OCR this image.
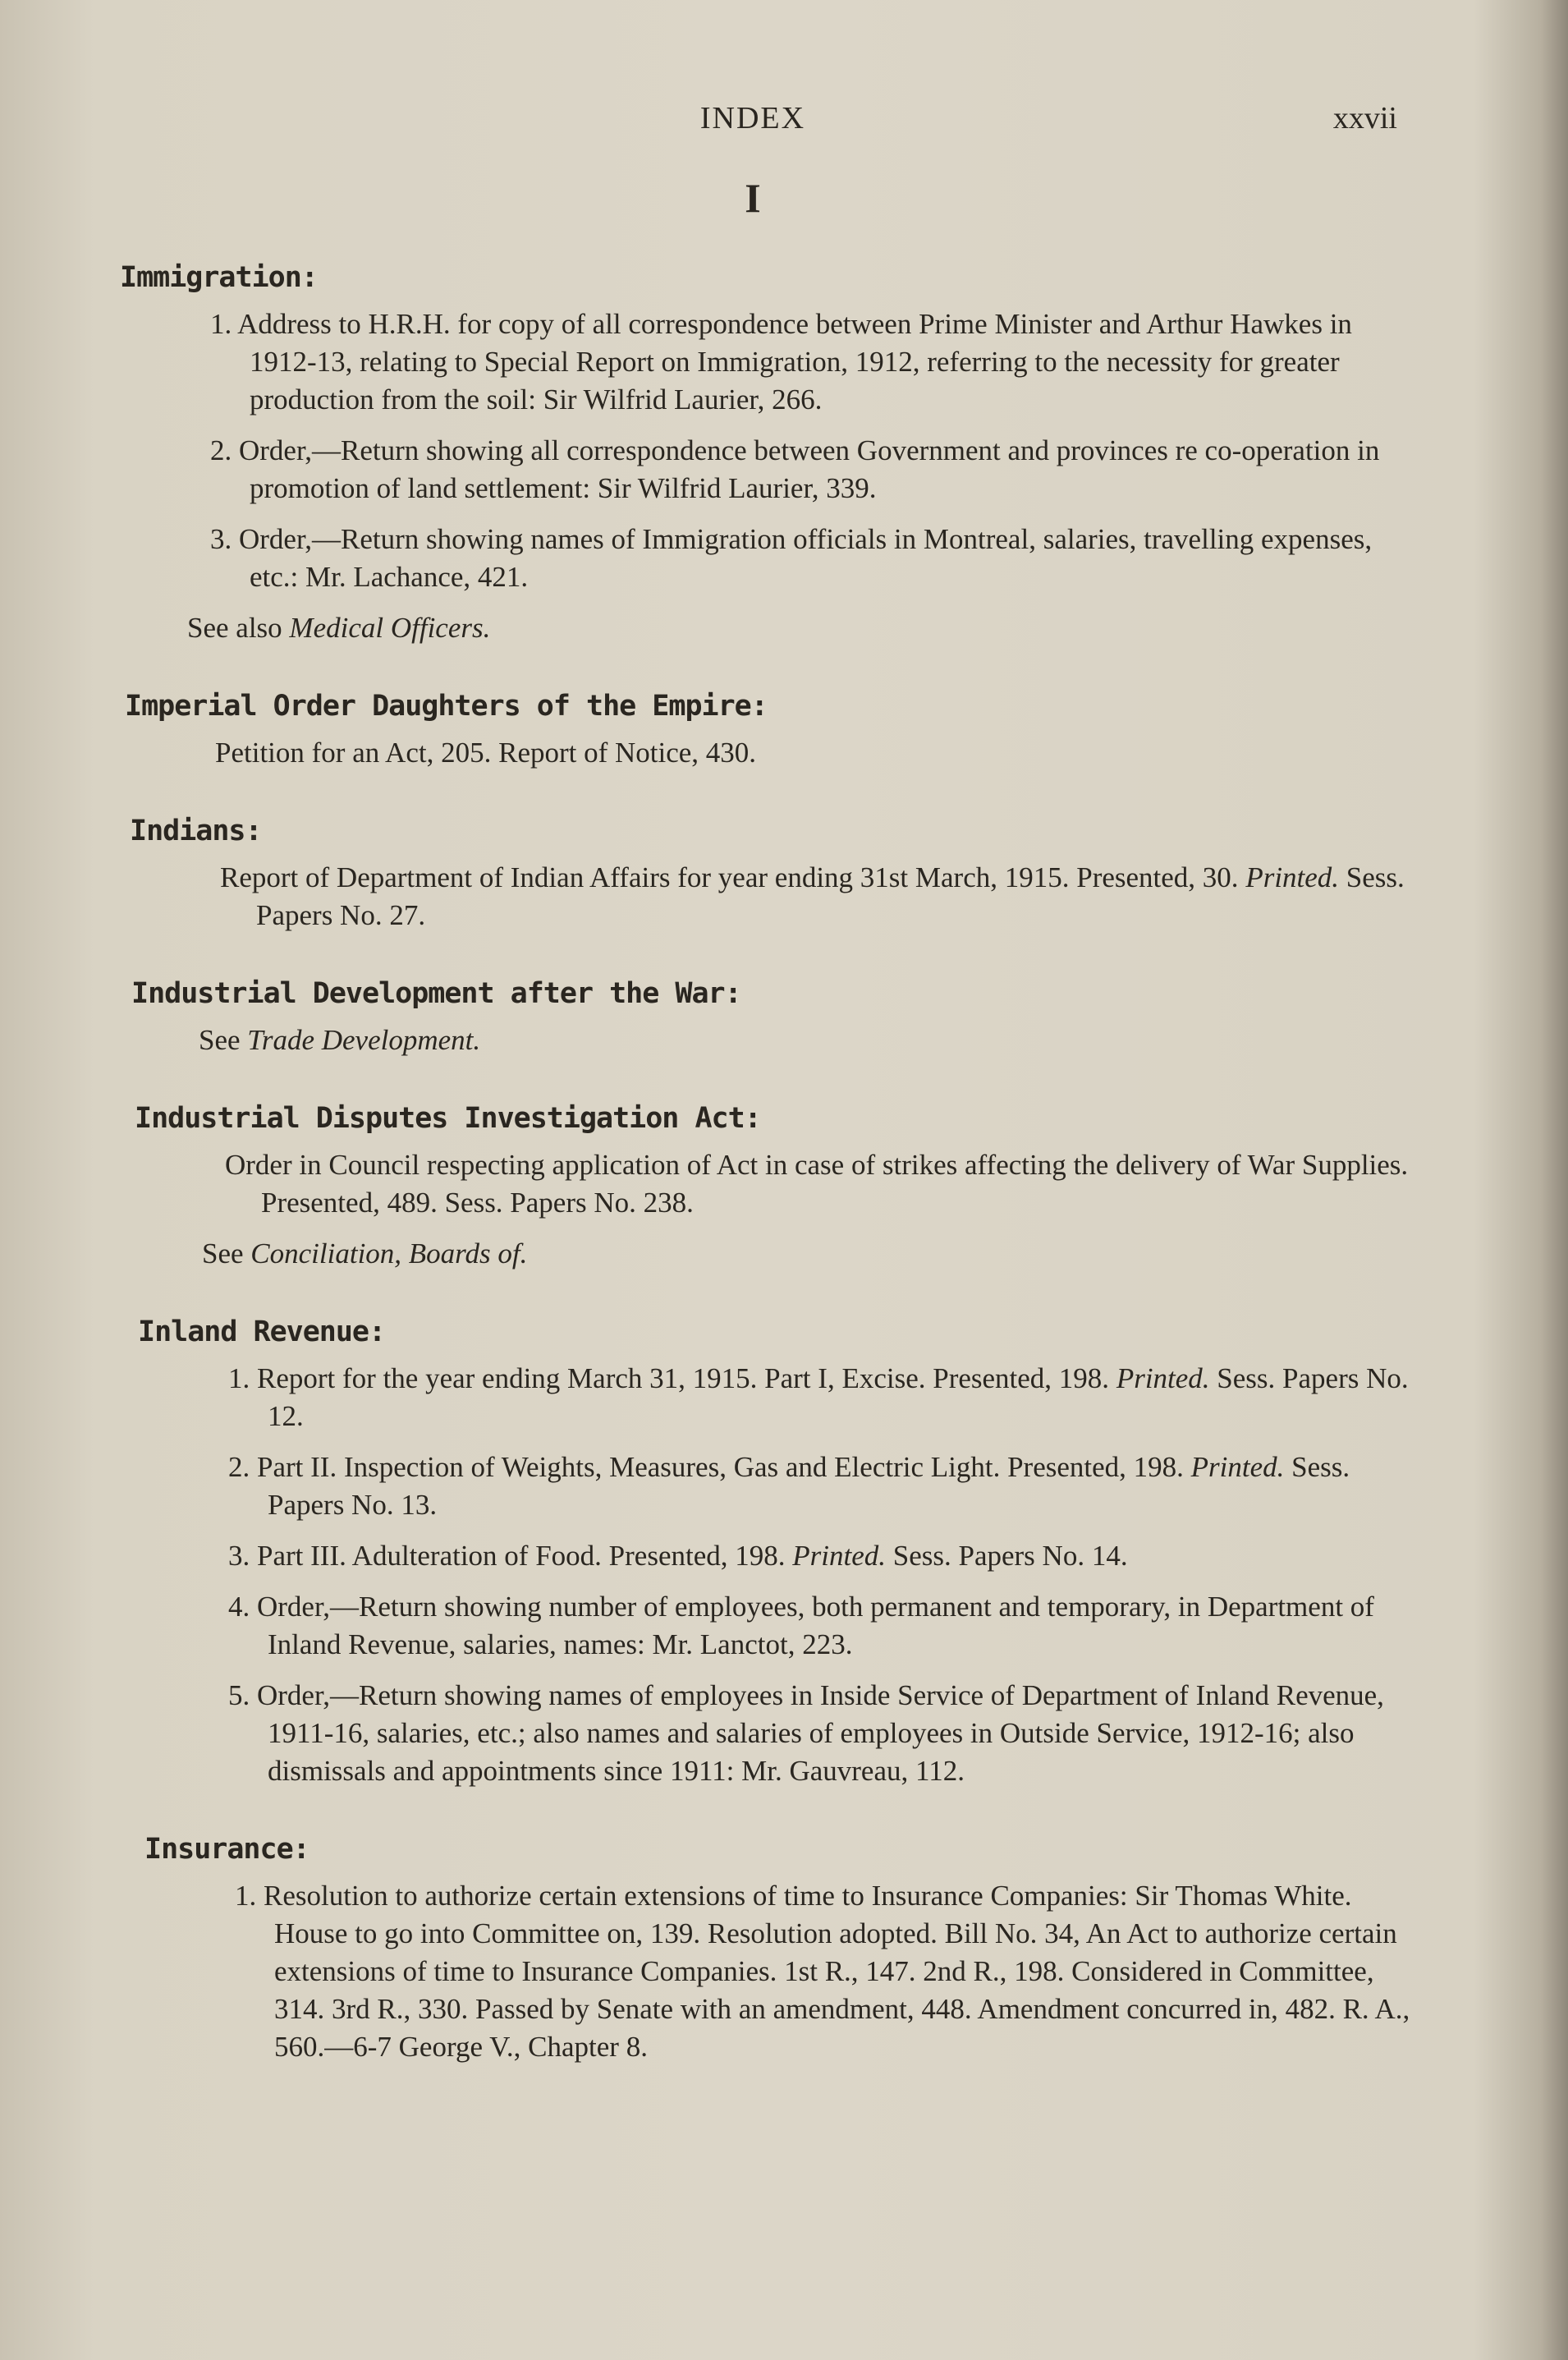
INDEX	xxvii
I
Immigration:
1. Address to H.R.H. for copy of all correspondence between Prime Minister and Arthur Hawkes in 1912-13, relating to Special Report on Immigration, 1912, referring to the necessity for greater production from the soil: Sir Wilfrid Laurier, 266.
2. Order,—Return showing all correspondence between Government and provinces re co-operation in promotion of land settlement: Sir Wilfrid Laurier, 339.
3. Order,—Return showing names of Immigration officials in Montreal, salaries, travelling expenses, etc.: Mr. Lachance, 421.
See also Medical Officers.
Imperial Order Daughters of the Empire:
Petition for an Act, 205. Report of Notice, 430.
Indians:
Report of Department of Indian Affairs for year ending 31st March, 1915. Presented, 30. Printed. Sess. Papers No. 27.
Industrial Development after the War:
See Trade Development.
Industrial Disputes Investigation Act:
Order in Council respecting application of Act in case of strikes affecting the delivery of War Supplies. Presented, 489. Sess. Papers No. 238.
See Conciliation, Boards of.
Inland Revenue:
1. Report for the year ending March 31, 1915. Part I, Excise. Presented, 198. Printed. Sess. Papers No. 12.
2. Part II. Inspection of Weights, Measures, Gas and Electric Light. Presented, 198. Printed. Sess. Papers No. 13.
3. Part III. Adulteration of Food. Presented, 198. Printed. Sess. Papers No. 14.
4. Order,—Return showing number of employees, both permanent and temporary, in Department of Inland Revenue, salaries, names: Mr. Lanctot, 223.
5. Order,—Return showing names of employees in Inside Service of Department of Inland Revenue, 1911-16, salaries, etc.; also names and salaries of employees in Outside Service, 1912-16; also dismissals and appointments since 1911: Mr. Gauvreau, 112.
Insurance:
1. Resolution to authorize certain extensions of time to Insurance Companies: Sir Thomas White. House to go into Committee on, 139. Resolution adopted. Bill No. 34, An Act to authorize certain extensions of time to Insurance Companies. 1st R., 147. 2nd R., 198. Considered in Committee, 314. 3rd R., 330. Passed by Senate with an amendment, 448. Amendment concurred in, 482. R. A., 560.—6-7 George V., Chapter 8.
